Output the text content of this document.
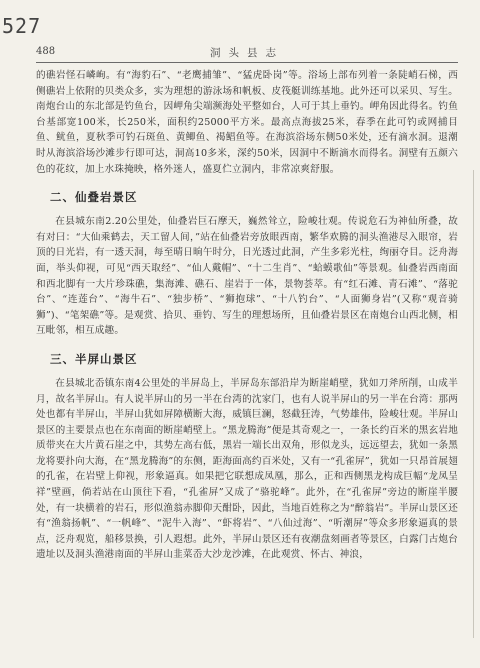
527
488	洞头县志

的礁岩怪石嶙峋。有“海豹石”、“老鹰捕雏”、“猛虎卧岗”等。浴场上部布列着一条陡峭石梯，西侧礁岩上依附的贝类众多，实为理想的游泳场和帆板、皮筏艇训练基地。此外还可以采贝、写生。南炮台山的东北部是钓鱼台，因岬角尖端濒海处平整如台，人可于其上垂钓。岬角因此得名。钓鱼台基部宽100米，长250米，面积约25000平方米。最高点海拔25米，春季在此可钓或网捕目鱼、鱿鱼，夏秋季可钓石斑鱼、黄鲫鱼、褐鲳鱼等。在海滨浴场东侧50米处，还有滴水洞。退潮时从海滨浴场沙滩步行即可达，洞高10多米，深约50米，因洞中不断滴水而得名。洞壁有五颜六色的花纹，加上水珠掩映，格外迷人，盛夏伫立洞内，非常凉爽舒服。

二、仙叠岩景区

在县城东南2.20公里处，仙叠岩巨石摩天，巍然耸立，险峻壮观。传说危石为神仙所叠，故有对曰：“大仙乘鹤去，天工留人间，”站在仙叠岩旁放眼西南，繁华欢腾的洞头渔港尽入眼帘，岩顶的日光岩，有一透天洞，每至晴日晌午时分，日光透过此洞，产生多彩光柱，绚丽夺目。泛舟海面，举头仰视，可见“西天取经”、“仙人戴帽”、“十二生肖”、“蛤蟆歌仙”等景观。仙叠岩西南面和西北脚有一大片珍珠礁，集海滩、礁石、崖岩于一体，景物荟萃。有“红石滩、青石滩”、“落驼台”、“连莲台”、“海牛石”、“独步桥”、“狮抱球”、“十八钓台”、“人面狮身岩”(又称“观音骑狮”)、“笔架礁”等。是观赏、拾贝、垂钓、写生的理想场所，且仙叠岩景区在南炮台山西北侧，相互毗邻，相互成趣。

三、半屏山景区

在县城北岙镇东南4公里处的半屏岛上，半屏岛东部沿岸为断崖峭壁，犹如刀斧所削，山成半月，故名半屏山。有人说半屏山的另一半在台湾的沈家门，也有人说半屏山的另一半在台湾：那两处也都有半屏山，半屏山犹如屏障横断大海，威镇巨澜，怒截狂涛，气势雄伟，险峻壮观。半屏山景区的主要景点也在东南面的断崖峭壁上。“黑龙腾海”便是其奇观之一，一条长约百米的黑玄岩地质带夹在大片黄石崖之中，其势左高右低，黑岩一端长出双角，形似龙头，远远望去，犹如一条黑龙将要扑向大海，在“黑龙腾海”的东侧，距海面高约百米处，又有一“孔雀屏”，犹如一只昂首展翅的孔雀，在岩壁上仰视，形象逼真。如果把它联想成凤凰，那么，正和西侧黑龙构成巨幅“龙凤呈祥”壁画，倘若站在山顶往下看，“孔雀屏”又成了“骆驼峰”。此外，在“孔雀屏”旁边的断崖半腰处，有一块横着的岩石，形似渔翁赤脚仰天酣卧，因此，当地百姓称之为“醉翁岩”。半屏山景区还有“渔翁扬帆”、“一帆峰”、“泥牛入海”、“虾将岩”、“八仙过海”、“听潮屏”等众多形象逼真的景点，泛舟观览，船移景换，引人遐想。此外，半屏山景区还有夜潮盘刻画者等景区，白露门古炮台遗址以及洞头渔港南面的半屏山韭菜岙大沙龙沙滩，在此观赏、怀古、神浪，
